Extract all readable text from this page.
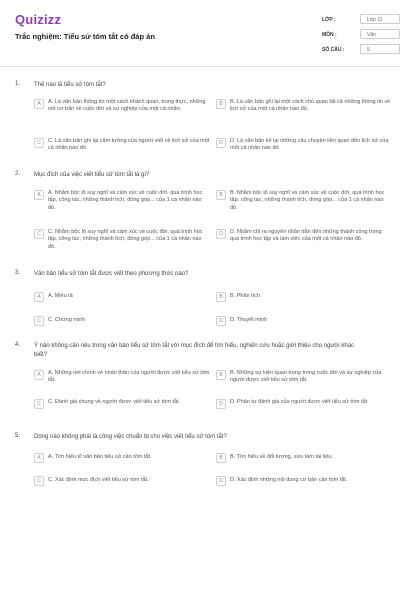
Quizizz
Trắc nghiệm: Tiểu sử tóm tắt có đáp án
LỚP :	Lớp 11
MÔN :	Văn
SỐ CÂU :	5
1. Thế nào là tiểu sử tóm tắt?
A	A. Là văn bản thông tin một cách khách quan, trung thực, những nét cơ bản về cuộc đời và sự nghiệp của một cá nhân.
B	B. Là văn bản ghi lại một cách chủ quan tất cả những thông tin về lịch sử của một cá nhân nào đó.
C	C. Là văn bản ghi lại cảm tưởng của người viết về lịch sử của một cá nhân nào đó
D	D. Là văn bản kể lại những câu chuyện liên quan đến lịch sử của một cá nhân nào đó
2. Mục đích của việc viết tiểu sử tóm tắt là gì?
A	A. Nhằm bộc lộ suy nghĩ và cảm xúc về cuộc đời, quá trình học tập, công tác, những thành tích, đóng góp... của 1 cá nhân nào đó.
B	B. Nhằm bộc lộ suy nghĩ và cảm xúc về cuộc đời, quá trình học tập, công tác, những thành tích, đóng góp... của 1 cá nhân nào đó.
C	C. Nhằm bộc lộ suy nghĩ và cảm xúc về cuộc đời, quá trình học tập, công tác, những thành tích, đóng góp... của 1 cá nhân nào đó.
D	D. Nhằm chỉ ra nguyên nhân dẫn đến những thành công trong quá trình học tập và làm việc của một cá nhân nào đó.
3. Văn bản tiểu sử tóm tắt được viết theo phương thức nào?
A	A. Miêu tả	B	B. Phân tích
C	C. Chứng minh	D	D. Thuyết minh
4. Ý nào không cần nêu trong văn bản tiểu sử tóm tắt với mục đích để tìm hiểu, nghiên cứu hoặc giới thiệu cho người khác biết?
A	A. Những nét chính về nhân thân của người được viết tiểu sử tóm tắt.
B	B. Những sự kiện quan trọng trong cuộc đời và sự nghiệp của người được viết tiểu sử tóm tắt.
C	C. Đánh giá chung về người được viết tiểu sử tóm tắt.	D	D. Phân tự đánh giá của người được viết tiểu sử tóm tắt
5. Dòng nào không phải là công việc chuẩn bị cho việc viết tiểu sử tóm tắt?
A	A. Tìm hiểu kĩ văn bản tiểu sử cần tóm tắt.	B	B. Tìm hiểu về đối tượng, sưu tầm tài liệu.
C	C. Xác định mục đích viết tiểu sử tóm tắt.	D	D. Xác định những nội dung cơ bản cần tóm tắt.
